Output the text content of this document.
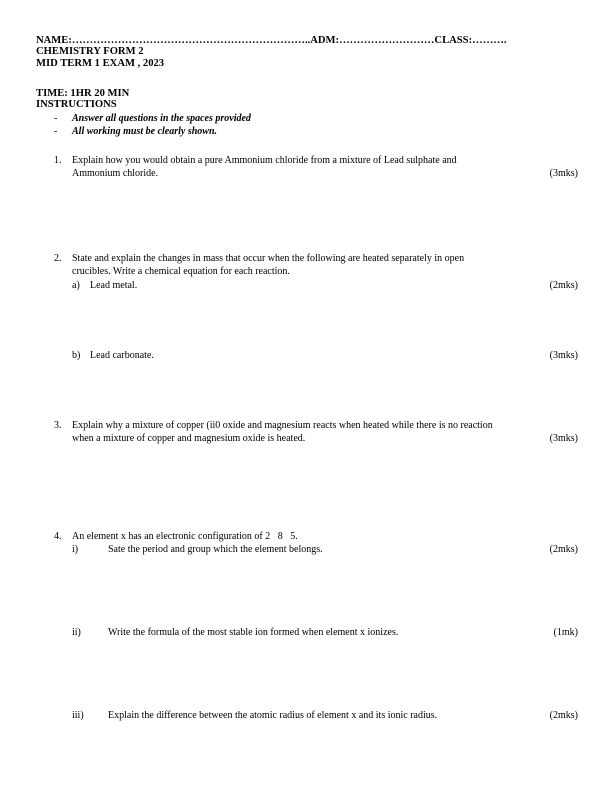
NAME:…………………………………………………………..ADM:………………………CLASS:……….
CHEMISTRY FORM 2
MID TERM 1 EXAM , 2023
TIME: 1HR 20 MIN
INSTRUCTIONS
- Answer all questions in the spaces provided
- All working must be clearly shown.
1. Explain how you would obtain a pure Ammonium chloride from a mixture of Lead sulphate and
Ammonium chloride.	(3mks)
2. State and explain the changes in mass that occur when the following are heated separately in open
crucibles. Write a chemical equation for each reaction.
a) Lead metal.	(2mks)
b) Lead carbonate.	(3mks)
3. Explain why a mixture of copper (ii0 oxide and magnesium reacts when heated while there is no reaction
when a mixture of copper and magnesium oxide is heated.	(3mks)
4. An element x has an electronic configuration of 2   8   5.
i)	Sate the period and group which the element belongs.	(2mks)
ii)	Write the formula of the most stable ion formed when element x ionizes.	(1mk)
iii) Explain the difference between the atomic radius of element x and its ionic radius.	(2mks)
